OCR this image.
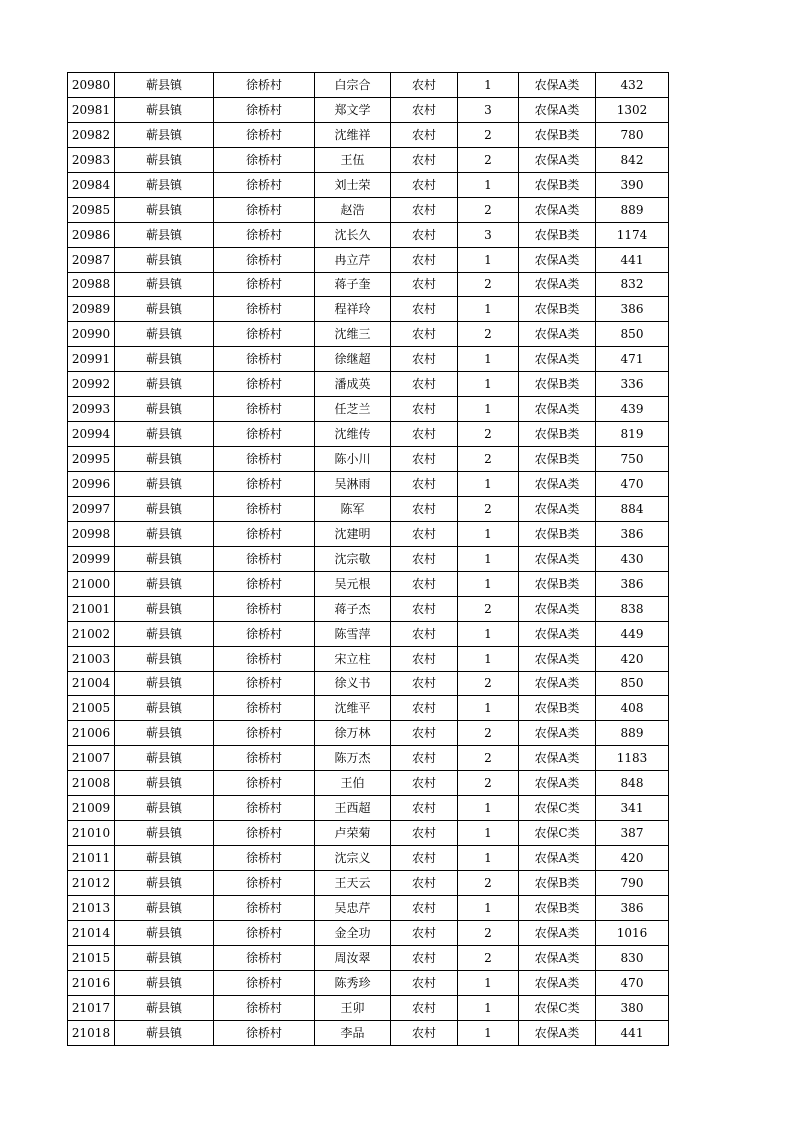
20980	蕲县镇	徐桥村	白宗合	农村	1	农保A类	432
20981	蕲县镇	徐桥村	郑文学	农村	3	农保A类	1302
20982	蕲县镇	徐桥村	沈维祥	农村	2	农保B类	780
20983	蕲县镇	徐桥村	王伍	农村	2	农保A类	842
20984	蕲县镇	徐桥村	刘士荣	农村	1	农保B类	390
20985	蕲县镇	徐桥村	赵浩	农村	2	农保A类	889
20986	蕲县镇	徐桥村	沈长久	农村	3	农保B类	1174
20987	蕲县镇	徐桥村	冉立芹	农村	1	农保A类	441
20988	蕲县镇	徐桥村	蒋子奎	农村	2	农保A类	832
20989	蕲县镇	徐桥村	程祥玲	农村	1	农保B类	386
20990	蕲县镇	徐桥村	沈维三	农村	2	农保A类	850
20991	蕲县镇	徐桥村	徐继超	农村	1	农保A类	471
20992	蕲县镇	徐桥村	潘成英	农村	1	农保B类	336
20993	蕲县镇	徐桥村	任芝兰	农村	1	农保A类	439
20994	蕲县镇	徐桥村	沈维传	农村	2	农保B类	819
20995	蕲县镇	徐桥村	陈小川	农村	2	农保B类	750
20996	蕲县镇	徐桥村	吴淋雨	农村	1	农保A类	470
20997	蕲县镇	徐桥村	陈军	农村	2	农保A类	884
20998	蕲县镇	徐桥村	沈建明	农村	1	农保B类	386
20999	蕲县镇	徐桥村	沈宗敬	农村	1	农保A类	430
21000	蕲县镇	徐桥村	吴元根	农村	1	农保B类	386
21001	蕲县镇	徐桥村	蒋子杰	农村	2	农保A类	838
21002	蕲县镇	徐桥村	陈雪萍	农村	1	农保A类	449
21003	蕲县镇	徐桥村	宋立柱	农村	1	农保A类	420
21004	蕲县镇	徐桥村	徐义书	农村	2	农保A类	850
21005	蕲县镇	徐桥村	沈维平	农村	1	农保B类	408
21006	蕲县镇	徐桥村	徐万林	农村	2	农保A类	889
21007	蕲县镇	徐桥村	陈万杰	农村	2	农保A类	1183
21008	蕲县镇	徐桥村	王伯	农村	2	农保A类	848
21009	蕲县镇	徐桥村	王西超	农村	1	农保C类	341
21010	蕲县镇	徐桥村	卢荣菊	农村	1	农保C类	387
21011	蕲县镇	徐桥村	沈宗义	农村	1	农保A类	420
21012	蕲县镇	徐桥村	王天云	农村	2	农保B类	790
21013	蕲县镇	徐桥村	吴忠芹	农村	1	农保B类	386
21014	蕲县镇	徐桥村	金全功	农村	2	农保A类	1016
21015	蕲县镇	徐桥村	周汝翠	农村	2	农保A类	830
21016	蕲县镇	徐桥村	陈秀珍	农村	1	农保A类	470
21017	蕲县镇	徐桥村	王卯	农村	1	农保C类	380
21018	蕲县镇	徐桥村	李品	农村	1	农保A类	441
